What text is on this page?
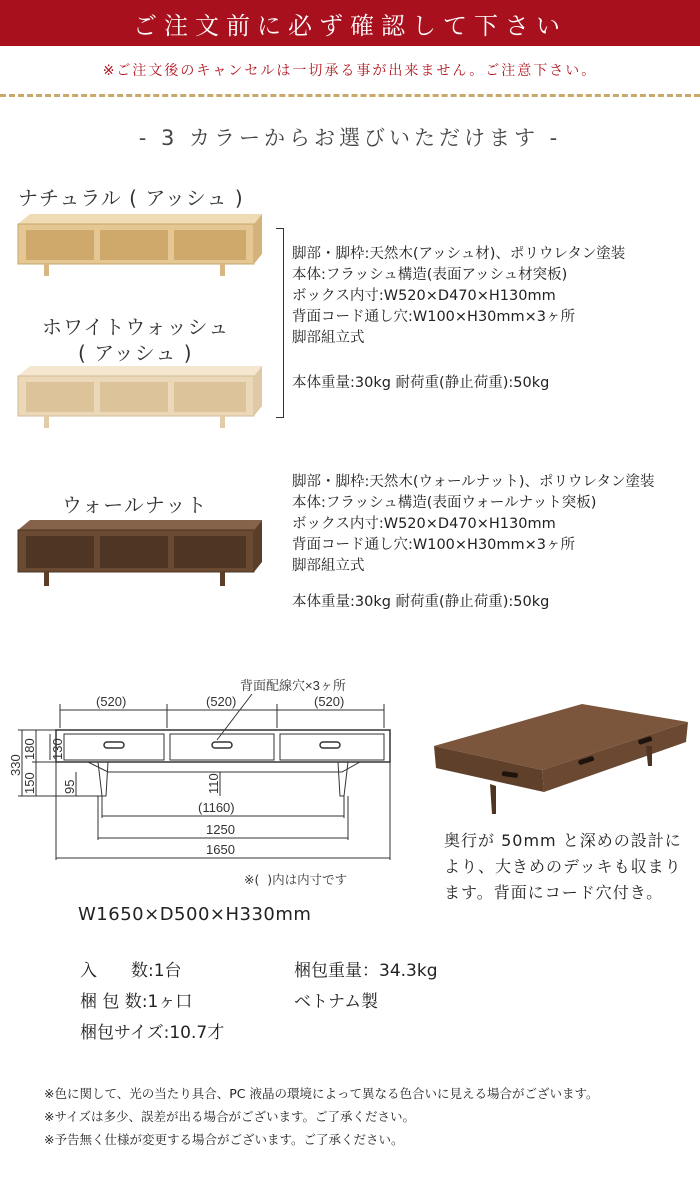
ご注文前に必ず確認して下さい
※ご注文後のキャンセルは一切承る事が出来ません。ご注意下さい。
- 3 カラーからお選びいただけます -
ナチュラル ( アッシュ )
ホワイトウォッシュ
( アッシュ )
脚部・脚枠:天然木(アッシュ材)、ポリウレタン塗装
本体:フラッシュ構造(表面アッシュ材突板)
ボックス内寸:W520×D470×H130mm
背面コード通し穴:W100×H30mm×3ヶ所
脚部組立式
本体重量:30kg 耐荷重(静止荷重):50kg
ウォールナット
脚部・脚枠:天然木(ウォールナット)、ポリウレタン塗装
本体:フラッシュ構造(表面ウォールナット突板)
ボックス内寸:W520×D470×H130mm
背面コード通し穴:W100×H30mm×3ヶ所
脚部組立式
本体重量:30kg 耐荷重(静止荷重):50kg
背面配線穴×3ヶ所
(520)	(520)	(520)
330
180
150
130
95	110
(1160)
1250
1650
※(  )内は内寸です
W1650×D500×H330mm
奥行が 50mm と深めの設計により、大きめのデッキも収まります。背面にコード穴付き。
入　　数:1台
梱 包 数:1ヶ口
梱包サイズ:10.7才
梱包重量：34.3kg
ベトナム製
※色に関して、光の当たり具合、PC 液晶の環境によって異なる色合いに見える場合がございます。
※サイズは多少、誤差が出る場合がございます。ご了承ください。
※予告無く仕様が変更する場合がございます。ご了承ください。
